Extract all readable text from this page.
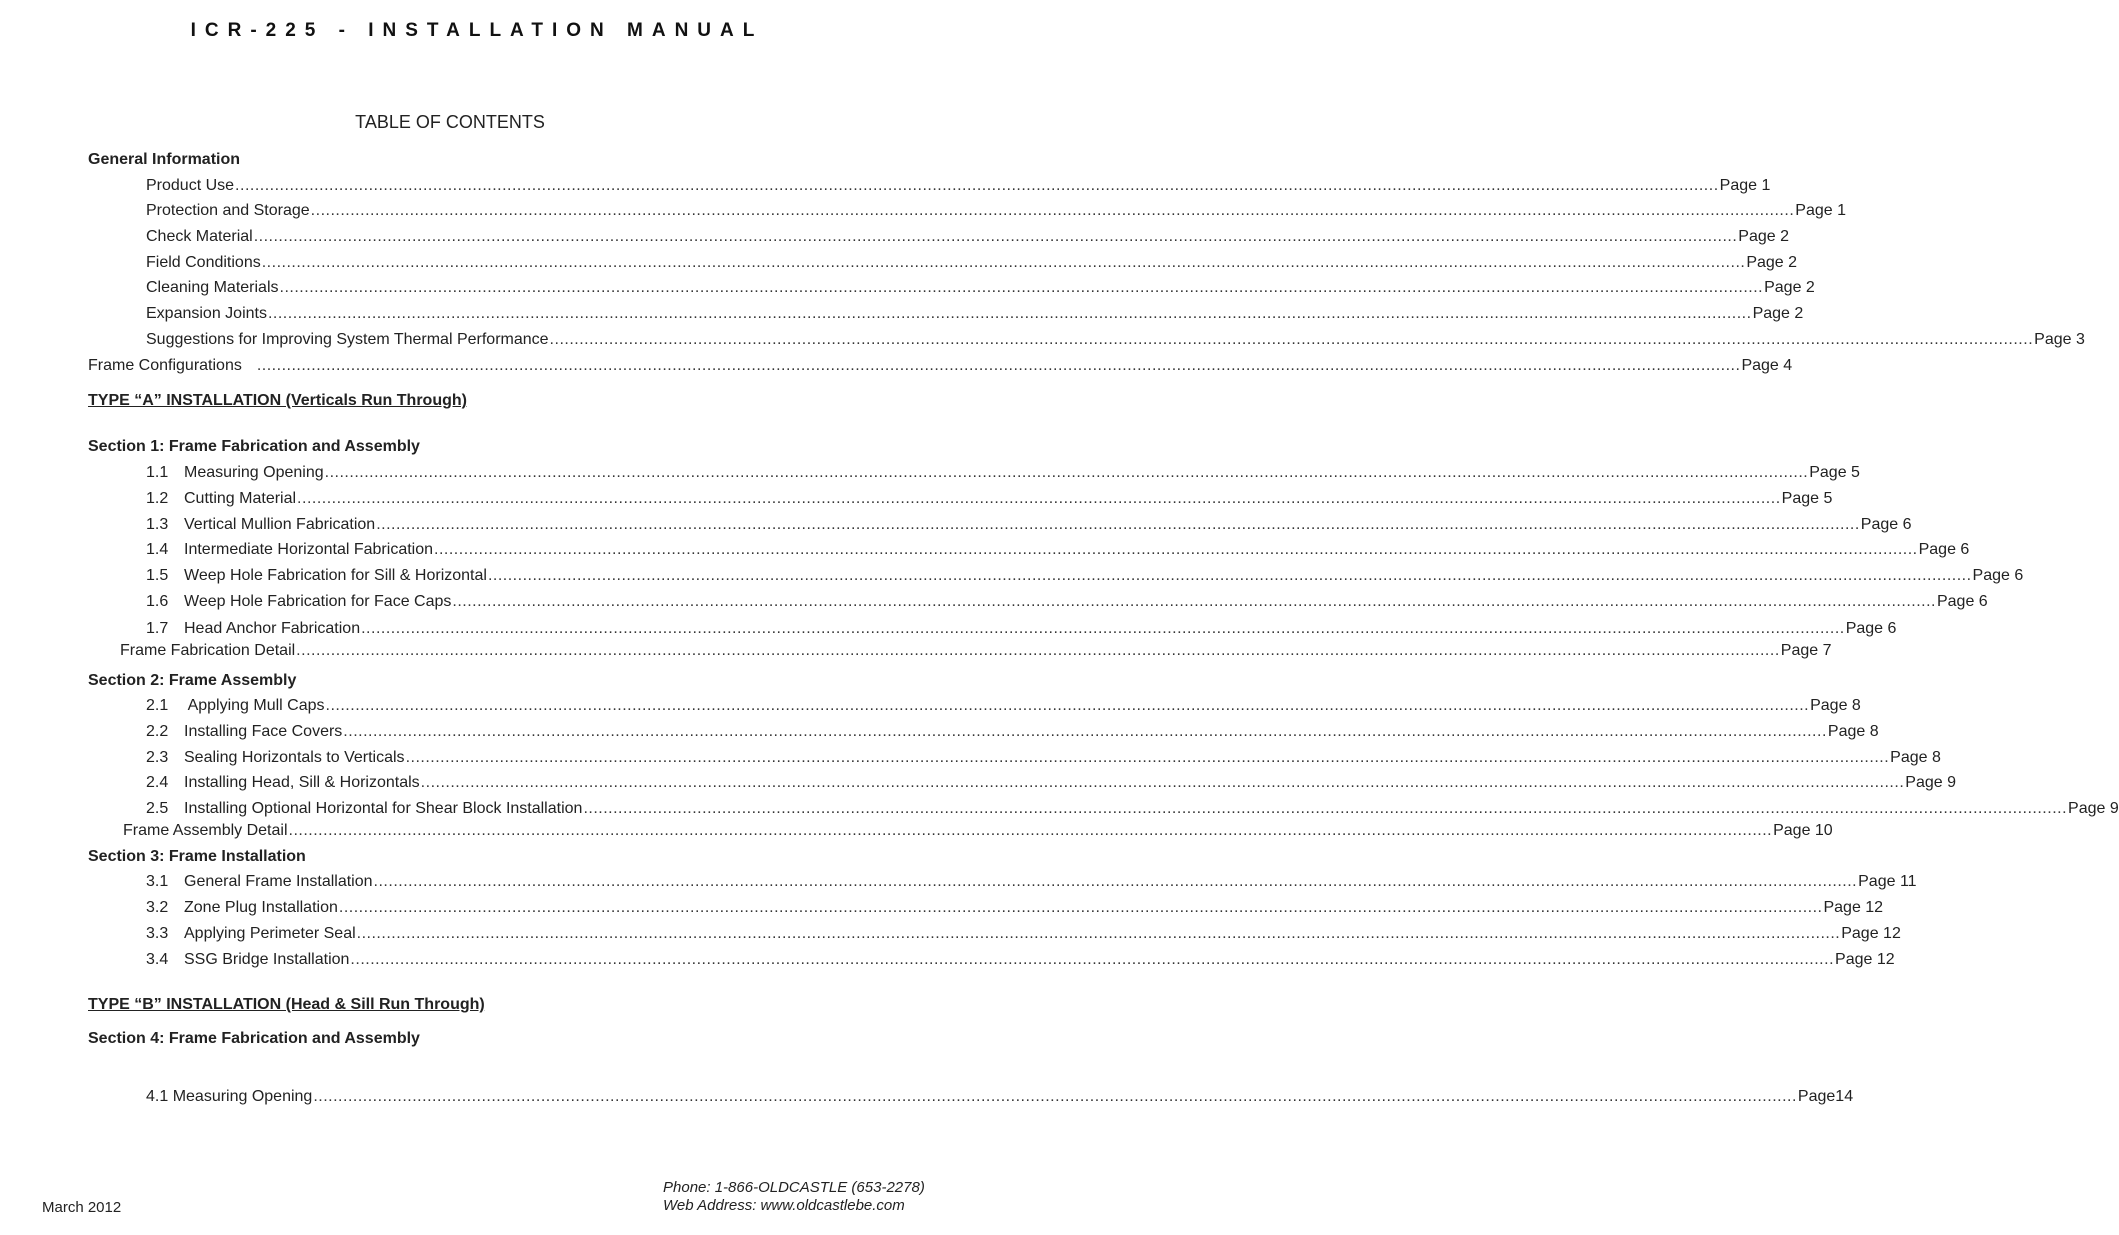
ICR-225 - INSTALLATION MANUAL
TABLE OF CONTENTS
General Information
Product Use ............................................................................................................................................................................................................................................................................................................ Page 1
Protection and Storage ............................................................................................................................................................................................................................................................................................................ Page 1
Check Material ............................................................................................................................................................................................................................................................................................................ Page 2
Field Conditions ............................................................................................................................................................................................................................................................................................................ Page 2
Cleaning Materials ............................................................................................................................................................................................................................................................................................................ Page 2
Expansion Joints ............................................................................................................................................................................................................................................................................................................ Page 2
Suggestions for Improving System Thermal Performance ............................................................................................................................................................................................................................................................................................................ Page 3
Frame Configurations ............................................................................................................................................................................................................................................................................................................ Page 4
TYPE “A” INSTALLATION (Verticals Run Through)
Section 1: Frame Fabrication and Assembly
1.1 Measuring Opening ............................................................................................................................................................................................................................................................................................................ Page 5
1.2 Cutting Material ............................................................................................................................................................................................................................................................................................................ Page 5
1.3 Vertical Mullion Fabrication ............................................................................................................................................................................................................................................................................................................ Page 6
1.4 Intermediate Horizontal Fabrication ............................................................................................................................................................................................................................................................................................................ Page 6
1.5 Weep Hole Fabrication for Sill & Horizontal ............................................................................................................................................................................................................................................................................................................ Page 6
1.6 Weep Hole Fabrication for Face Caps ............................................................................................................................................................................................................................................................................................................ Page 6
1.7 Head Anchor Fabrication ............................................................................................................................................................................................................................................................................................................ Page 6
Frame Fabrication Detail ............................................................................................................................................................................................................................................................................................................ Page 7
Section 2: Frame Assembly
2.1 Applying Mull Caps ............................................................................................................................................................................................................................................................................................................ Page 8
2.2 Installing Face Covers ............................................................................................................................................................................................................................................................................................................ Page 8
2.3 Sealing Horizontals to Verticals ............................................................................................................................................................................................................................................................................................................ Page 8
2.4 Installing Head, Sill & Horizontals ............................................................................................................................................................................................................................................................................................................ Page 9
2.5 Installing Optional Horizontal for Shear Block Installation ............................................................................................................................................................................................................................................................................................................ Page 9
Frame Assembly Detail ............................................................................................................................................................................................................................................................................................................ Page 10
Section 3: Frame Installation
3.1 General Frame Installation ............................................................................................................................................................................................................................................................................................................ Page 11
3.2 Zone Plug Installation ............................................................................................................................................................................................................................................................................................................ Page 12
3.3 Applying Perimeter Seal ............................................................................................................................................................................................................................................................................................................ Page 12
3.4 SSG Bridge Installation ............................................................................................................................................................................................................................................................................................................ Page 12
TYPE “B” INSTALLATION (Head & Sill Run Through)
Section 4: Frame Fabrication and Assembly
4.1 Measuring Opening ............................................................................................................................................................................................................................................................................................................ Page14
March 2012
Phone: 1-866-OLDCASTLE (653-2278)
Web Address: www.oldcastlebe.com
